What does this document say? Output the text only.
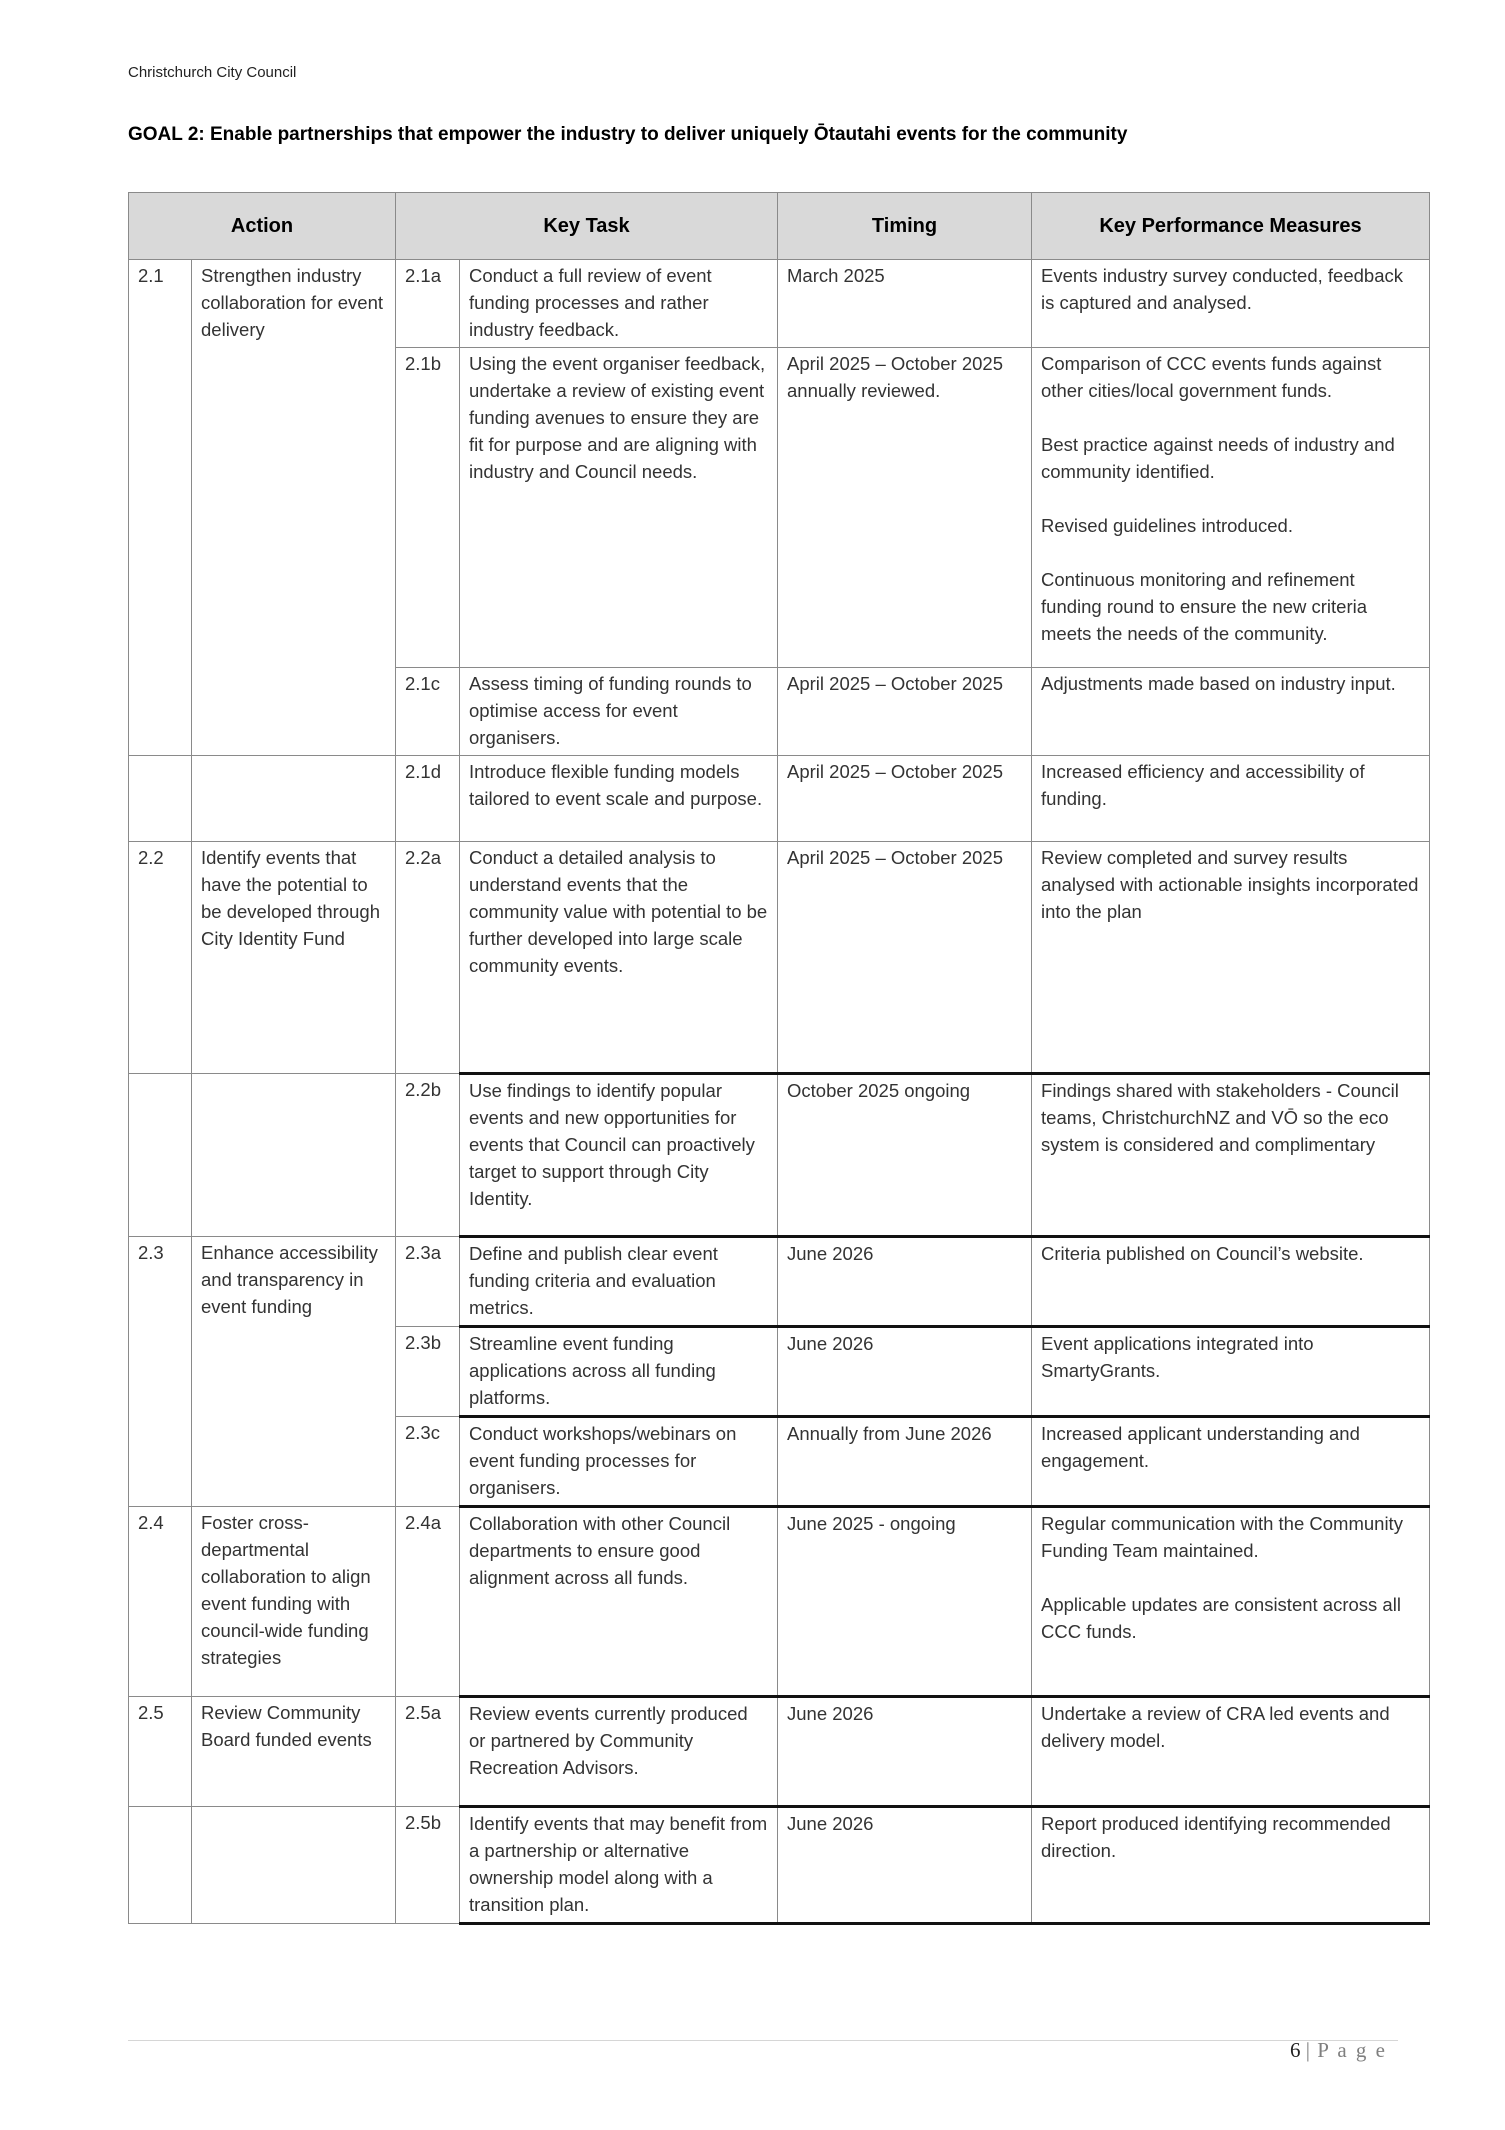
Christchurch City Council
GOAL 2: Enable partnerships that empower the industry to deliver uniquely Ōtautahi events for the community
Action		Key Task		Timing	Key Performance Measures
2.1	Strengthen industry collaboration for event delivery	2.1a	Conduct a full review of event funding processes and rather industry feedback.	March 2025	Events industry survey conducted, feedback is captured and analysed.
		2.1b	Using the event organiser feedback, undertake a review of existing event funding avenues to ensure they are fit for purpose and are aligning with industry and Council needs.	April 2025 – October 2025 annually reviewed.	Comparison of CCC events funds against other cities/local government funds.

Best practice against needs of industry and community identified.

Revised guidelines introduced.

Continuous monitoring and refinement funding round to ensure the new criteria meets the needs of the community.
		2.1c	Assess timing of funding rounds to optimise access for event organisers.	April 2025 – October 2025	Adjustments made based on industry input.
		2.1d	Introduce flexible funding models tailored to event scale and purpose.	April 2025 – October 2025	Increased efficiency and accessibility of funding.
2.2	Identify events that have the potential to be developed through City Identity Fund	2.2a	Conduct a detailed analysis to understand events that the community value with potential to be further developed into large scale community events.	April 2025 – October 2025	Review completed and survey results analysed with actionable insights incorporated into the plan
		2.2b	Use findings to identify popular events and new opportunities for events that Council can proactively target to support through City Identity.	October 2025 ongoing	Findings shared with stakeholders - Council teams, ChristchurchNZ and VŌ so the eco system is considered and complimentary
2.3	Enhance accessibility and transparency in event funding	2.3a	Define and publish clear event funding criteria and evaluation metrics.	June 2026	Criteria published on Council’s website.
		2.3b	Streamline event funding applications across all funding platforms.	June 2026	Event applications integrated into SmartyGrants.
		2.3c	Conduct workshops/webinars on event funding processes for organisers.	Annually from June 2026	Increased applicant understanding and engagement.
2.4	Foster cross-departmental collaboration to align event funding with council-wide funding strategies	2.4a	Collaboration with other Council departments to ensure good alignment across all funds.	June 2025 - ongoing	Regular communication with the Community Funding Team maintained.

Applicable updates are consistent across all CCC funds.
2.5	Review Community Board funded events	2.5a	Review events currently produced or partnered by Community Recreation Advisors.	June 2026	Undertake a review of CRA led events and delivery model.
		2.5b	Identify events that may benefit from a partnership or alternative ownership model along with a transition plan.	June 2026	Report produced identifying recommended direction.
6 | P a g e
